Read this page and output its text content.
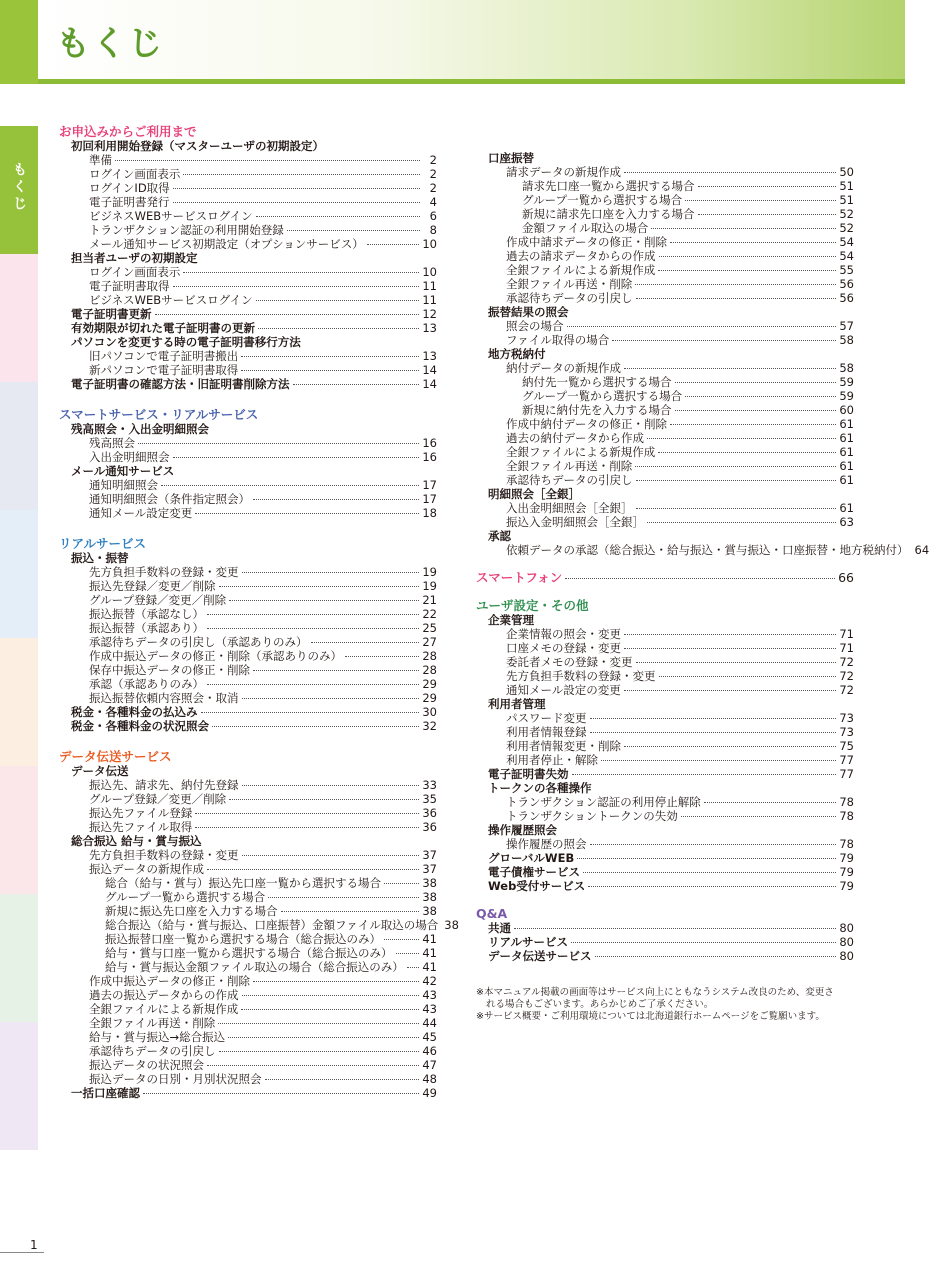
もくじ
もくじ
お申込みからご利用まで
初回利用開始登録（マスターユーザの初期設定）
準備	2
ログイン画面表示	2
ログインID取得	2
電子証明書発行	4
ビジネスWEBサービスログイン	6
トランザクション認証の利用開始登録	8
メール通知サービス初期設定（オプションサービス）	10
担当者ユーザの初期設定
ログイン画面表示	10
電子証明書取得	11
ビジネスWEBサービスログイン	11
電子証明書更新	12
有効期限が切れた電子証明書の更新	13
パソコンを変更する時の電子証明書移行方法
旧パソコンで電子証明書搬出	13
新パソコンで電子証明書取得	14
電子証明書の確認方法・旧証明書削除方法	14
スマートサービス・リアルサービス
残高照会・入出金明細照会
残高照会	16
入出金明細照会	16
メール通知サービス
通知明細照会	17
通知明細照会（条件指定照会）	17
通知メール設定変更	18
リアルサービス
振込・振替
先方負担手数料の登録・変更	19
振込先登録／変更／削除	19
グループ登録／変更／削除	21
振込振替（承認なし）	22
振込振替（承認あり）	25
承認待ちデータの引戻し（承認ありのみ）	27
作成中振込データの修正・削除（承認ありのみ）	28
保存中振込データの修正・削除	28
承認（承認ありのみ）	29
振込振替依頼内容照会・取消	29
税金・各種料金の払込み	30
税金・各種料金の状況照会	32
データ伝送サービス
データ伝送
振込先、請求先、納付先登録	33
グループ登録／変更／削除	35
振込先ファイル登録	36
振込先ファイル取得	36
総合振込 給与・賞与振込
先方負担手数料の登録・変更	37
振込データの新規作成	37
総合（給与・賞与）振込先口座一覧から選択する場合	38
グループ一覧から選択する場合	38
新規に振込先口座を入力する場合	38
総合振込（給与・賞与振込、口座振替）金額ファイル取込の場合 38
振込振替口座一覧から選択する場合（総合振込のみ）	41
給与・賞与口座一覧から選択する場合（総合振込のみ）	41
給与・賞与振込金額ファイル取込の場合（総合振込のみ） 41
作成中振込データの修正・削除	42
過去の振込データからの作成	43
全銀ファイルによる新規作成	43
全銀ファイル再送・削除	44
給与・賞与振込→総合振込	45
承認待ちデータの引戻し	46
振込データの状況照会	47
振込データの日別・月別状況照会	48
一括口座確認	49
口座振替
請求データの新規作成	50
請求先口座一覧から選択する場合	51
グループ一覧から選択する場合	51
新規に請求先口座を入力する場合	52
金額ファイル取込の場合	52
作成中請求データの修正・削除	54
過去の請求データからの作成	54
全銀ファイルによる新規作成	55
全銀ファイル再送・削除	56
承認待ちデータの引戻し	56
振替結果の照会
照会の場合	57
ファイル取得の場合	58
地方税納付
納付データの新規作成	58
納付先一覧から選択する場合	59
グループ一覧から選択する場合	59
新規に納付先を入力する場合	60
作成中納付データの修正・削除	61
過去の納付データから作成	61
全銀ファイルによる新規作成	61
全銀ファイル再送・削除	61
承認待ちデータの引戻し	61
明細照会［全銀］
入出金明細照会［全銀］	61
振込入金明細照会［全銀］	63
承認
依頼データの承認（総合振込・給与振込・賞与振込・口座振替・地方税納付） 64
スマートフォン	66
ユーザ設定・その他
企業管理
企業情報の照会・変更	71
口座メモの登録・変更	71
委託者メモの登録・変更	72
先方負担手数料の登録・変更	72
通知メール設定の変更	72
利用者管理
パスワード変更	73
利用者情報登録	73
利用者情報変更・削除	75
利用者停止・解除	77
電子証明書失効	77
トークンの各種操作
トランザクション認証の利用停止解除	78
トランザクショントークンの失効	78
操作履歴照会
操作履歴の照会	78
グローバルWEB	79
電子債権サービス	79
Web受付サービス	79
Q&A
共通	80
リアルサービス	80
データ伝送サービス	80

※本マニュアル掲載の画面等はサービス向上にともなうシステム改良のため、変更さ

れる場合もございます。あらかじめご了承ください。

※サービス概要・ご利用環境については北海道銀行ホームページをご覧願います。

1
